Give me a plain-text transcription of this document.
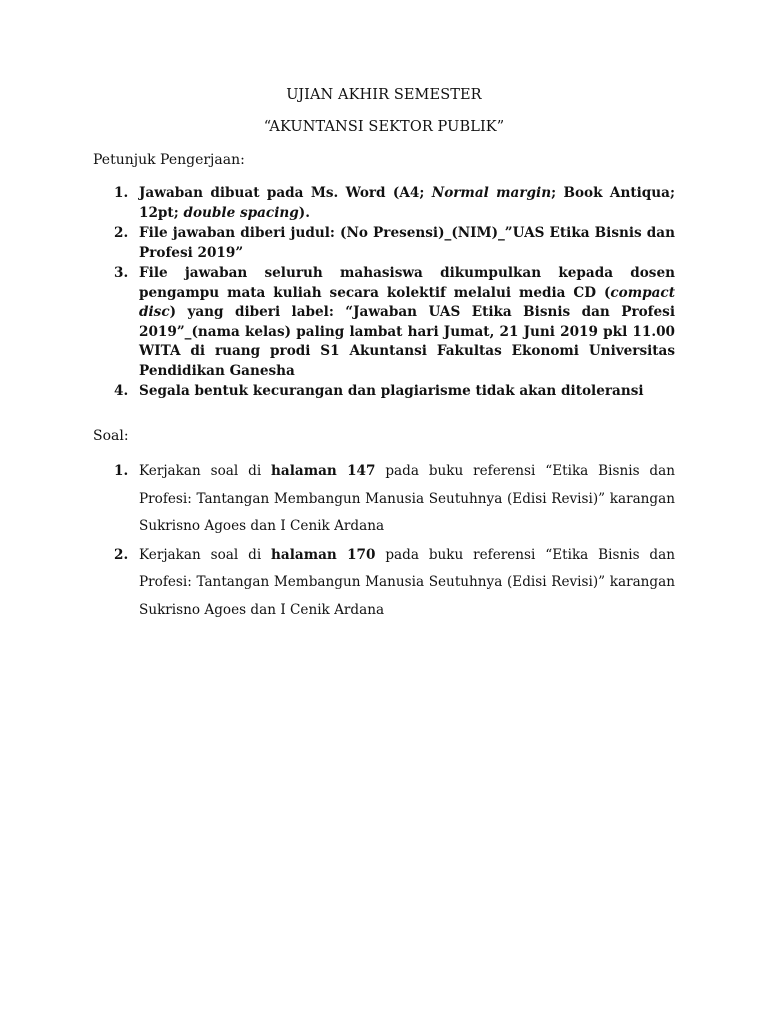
UJIAN AKHIR SEMESTER
“AKUNTANSI SEKTOR PUBLIK”
Petunjuk Pengerjaan:
1. Jawaban dibuat pada Ms. Word (A4; Normal margin; Book Antiqua; 12pt; double spacing).
2. File jawaban diberi judul: (No Presensi)_(NIM)_”UAS Etika Bisnis dan Profesi 2019”
3. File jawaban seluruh mahasiswa dikumpulkan kepada dosen pengampu mata kuliah secara kolektif melalui media CD (compact disc) yang diberi label: “Jawaban UAS Etika Bisnis dan Profesi 2019”_(nama kelas) paling lambat hari Jumat, 21 Juni 2019 pkl 11.00 WITA di ruang prodi S1 Akuntansi Fakultas Ekonomi Universitas Pendidikan Ganesha
4. Segala bentuk kecurangan dan plagiarisme tidak akan ditoleransi
Soal:
1. Kerjakan soal di halaman 147 pada buku referensi “Etika Bisnis dan Profesi: Tantangan Membangun Manusia Seutuhnya (Edisi Revisi)” karangan Sukrisno Agoes dan I Cenik Ardana
2. Kerjakan soal di halaman 170 pada buku referensi “Etika Bisnis dan Profesi: Tantangan Membangun Manusia Seutuhnya (Edisi Revisi)” karangan Sukrisno Agoes dan I Cenik Ardana
